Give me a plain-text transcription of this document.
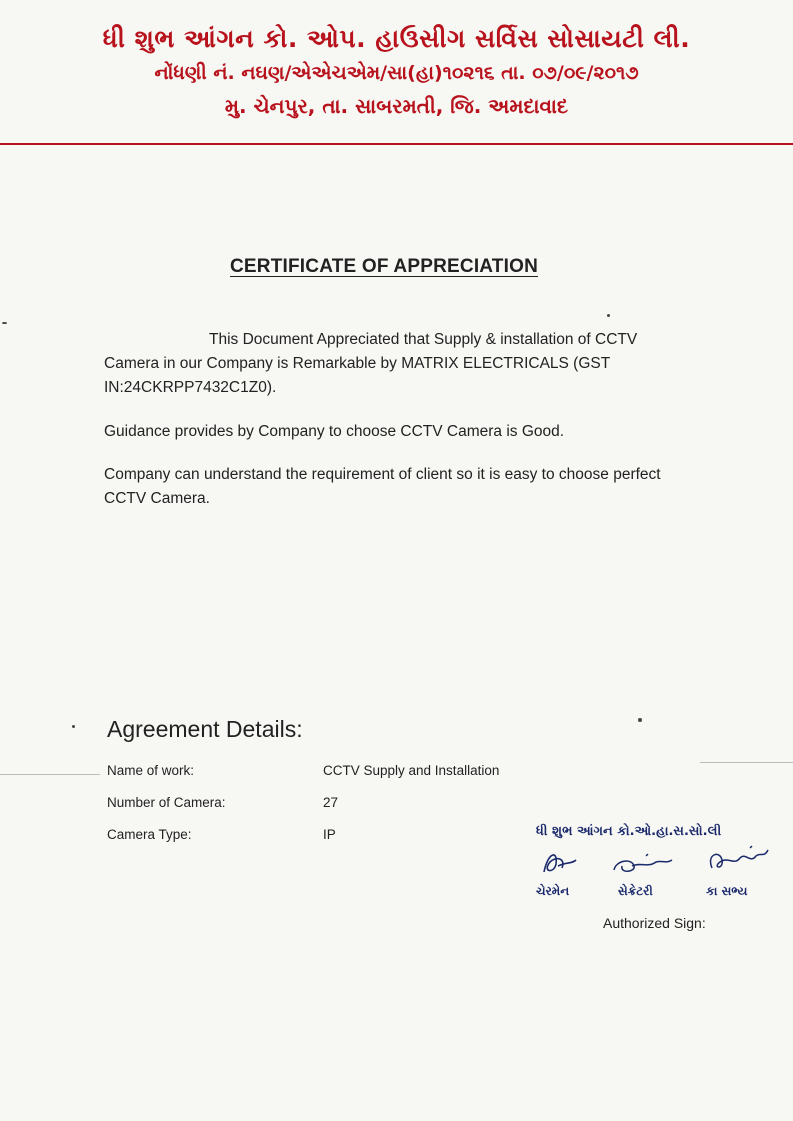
ધી શુભ આંગન કો. ઓપ. હાઉસીગ સર્વિસ સોસાયટી લી.
નોંધણી નં. નઘણ/એએચએમ/સા(હા)૧૦૨૧૬ તા. ૦૭/૦૯/૨૦૧૭
મુ. ચેનપુર, તા. સાબરમતી, જિ. અમદાવાદ
CERTIFICATE OF APPRECIATION
This Document Appreciated that Supply & installation of CCTV Camera in our Company is Remarkable by MATRIX ELECTRICALS (GST IN:24CKRPP7432C1Z0).
Guidance provides by Company to choose CCTV Camera is Good.
Company can understand the requirement of client so it is easy to choose perfect CCTV Camera.
Agreement Details:
Name of work:	CCTV Supply and Installation
Number of Camera:	27
Camera Type:	IP	ધી શુભ આંગન કો.ઓ.હા.સ.સો.લી
ચેરમેન	સેક્રેટરી	કા સભ્ય
Authorized Sign:
